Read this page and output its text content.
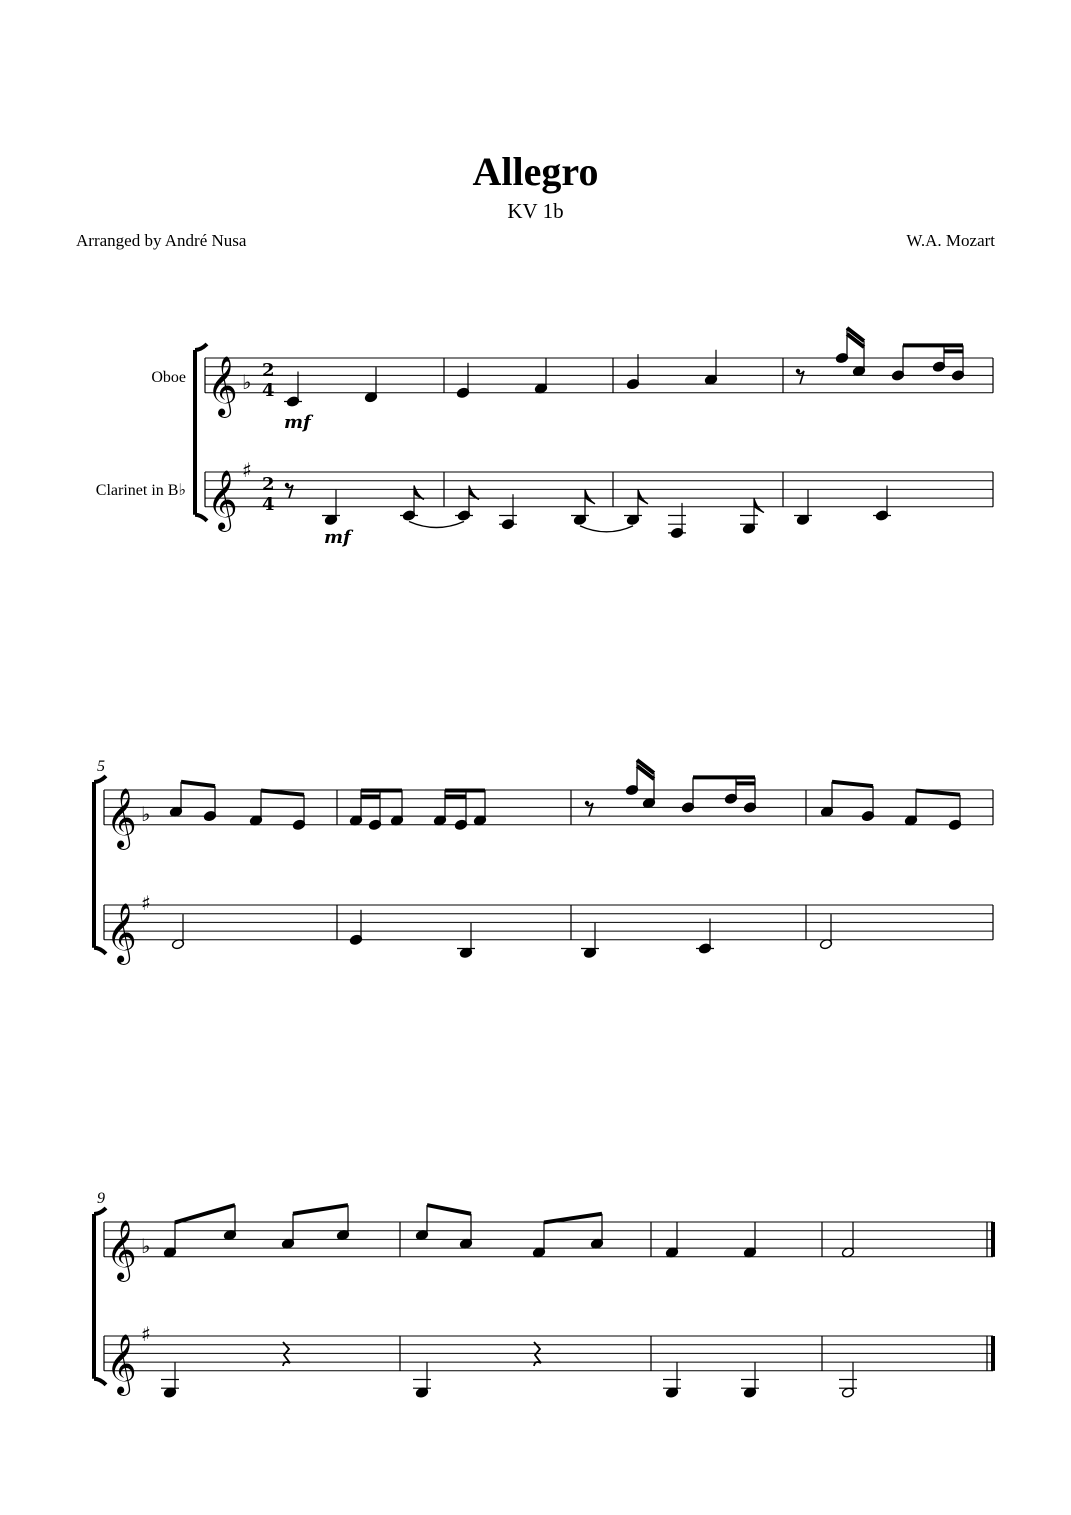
Allegro
KV 1b
Arranged by André Nusa	W.A. Mozart
Oboe
Clarinet in B♭
𝄞 ♭
𝄞 ♯
𝄞 ♭
𝄞 ♯
𝄞 ♭
𝄞 ♯
5
9
2
4
2
4
mf
mf
